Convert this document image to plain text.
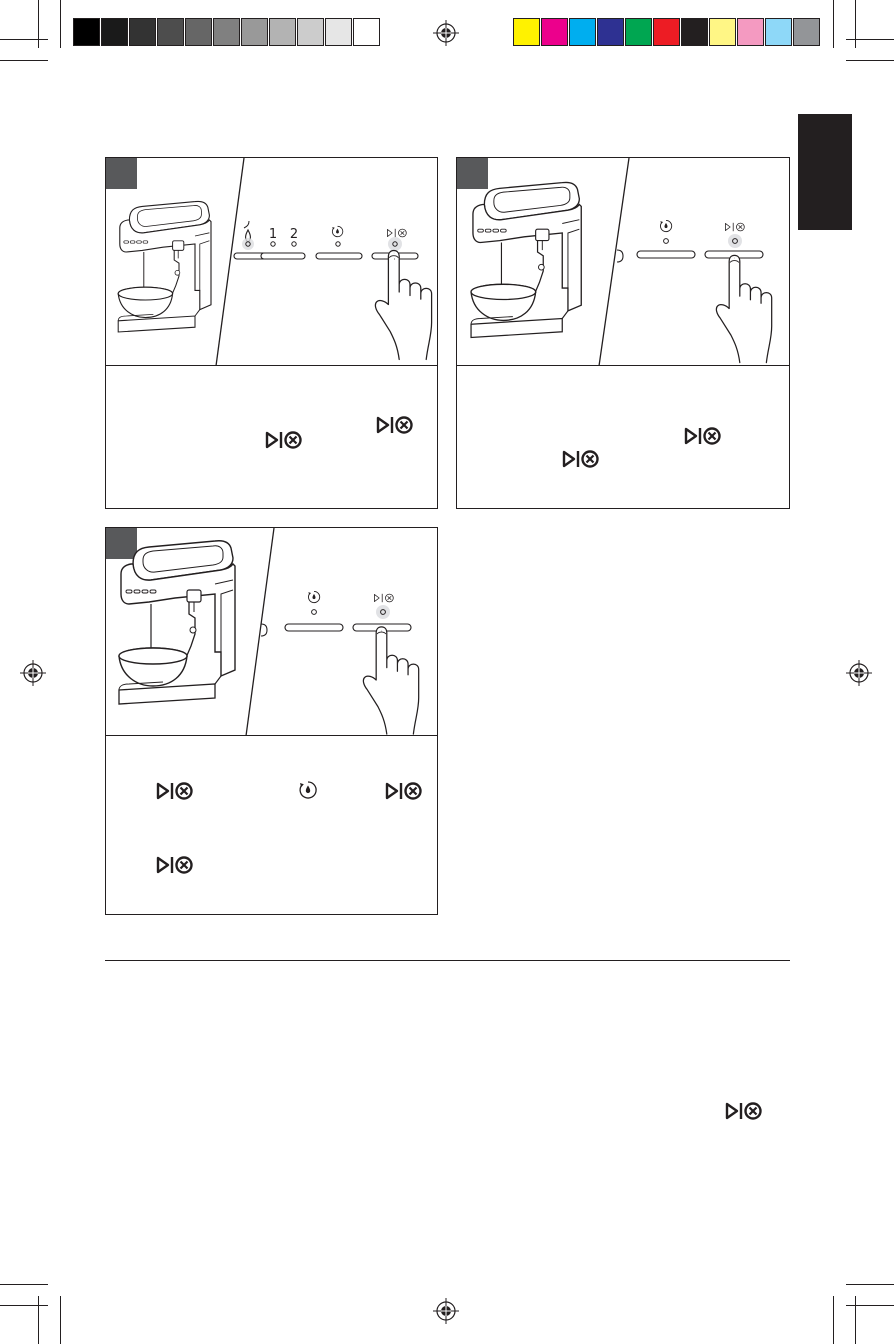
1 2
